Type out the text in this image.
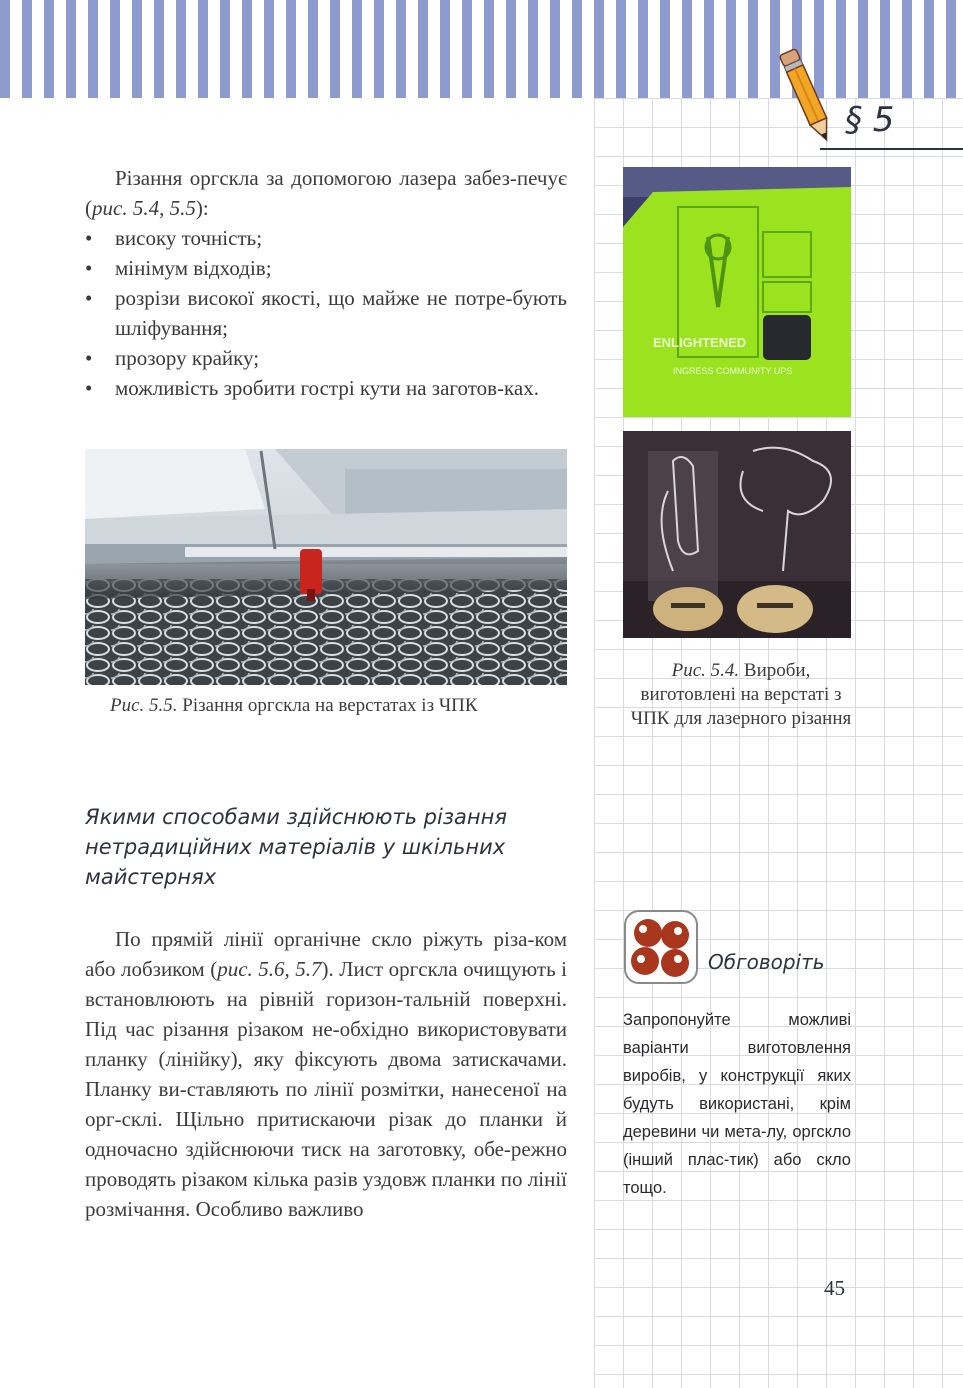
§ 5
Різання оргскла за допомогою лазера забез-печує (рис. 5.4, 5.5):
• високу точність;
• мінімум відходів;
• розрізи високої якості, що майже не потре-бують шліфування;
• прозору крайку;
• можливість зробити гострі кути на заготов-ках.
Рис. 5.5. Різання оргскла на верстатах із ЧПК
ENLIGHTENED
INGRESS COMMUNITY UPS
Рис. 5.4. Вироби, виготовлені на верстаті з ЧПК для лазерного різання
Якими способами здійснюють різання нетрадиційних матеріалів у шкільних майстернях
По прямій лінії органічне скло ріжуть різа-ком або лобзиком (рис. 5.6, 5.7). Лист оргскла очищують і встановлюють на рівній горизон-тальній поверхні. Під час різання різаком не-обхідно використовувати планку (лінійку), яку фіксують двома затискачами. Планку ви-ставляють по лінії розмітки, нанесеної на орг-склі. Щільно притискаючи різак до планки й одночасно здійснюючи тиск на заготовку, обе-режно проводять різаком кілька разів уздовж планки по лінії розмічання. Особливо важливо
Обговоріть
Запропонуйте можливі варіанти виготовлення виробів, у конструкції яких будуть використані, крім деревини чи мета-лу, оргскло (інший плас-тик) або скло тощо.
45
